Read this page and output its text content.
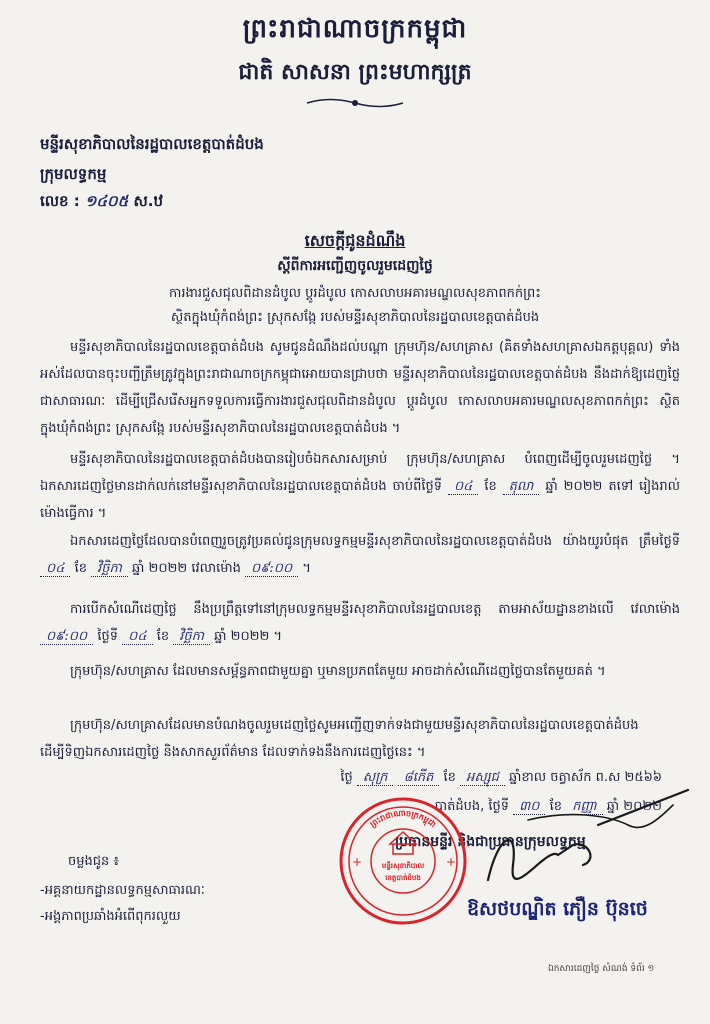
ព្រះរាជាណាចក្រកម្ពុជា
ជាតិ សាសនា ព្រះមហាក្សត្រ
មន្ទីរសុខាភិបាលនៃរដ្ឋបាលខេត្តបាត់ដំបង
ក្រុមលទ្ធកម្ម
លេខ : ១៤០៥ ស.ឋ
សេចក្តីជូនដំណឹង
ស្តីពីការអញ្ជើញចូលរួមដេញថ្លៃ
ការងារជួសជុលពិដានដំបូល ប្តូរដំបូល កោសលាបអគារមណ្ឌលសុខភាពកក់ព្រះ
ស្ថិតក្នុងឃុំកំពង់ព្រះ ស្រុកសង្កែ របស់មន្ទីរសុខាភិបាលនៃរដ្ឋបាលខេត្តបាត់ដំបង
មន្ទីរសុខាភិបាលនៃរដ្ឋបាលខេត្តបាត់ដំបង សូមជូនដំណឹងដល់បណ្តា ក្រុមហ៊ុន/សហគ្រាស (គិតទាំងសហគ្រាសឯកត្តបុគ្គល) ទាំងអស់ដែលបានចុះបញ្ជីត្រឹមត្រូវក្នុងព្រះរាជាណាចក្រកម្ពុជាអោយបានជ្រាបថា មន្ទីរសុខាភិបាលនៃរដ្ឋបាលខេត្តបាត់ដំបង នឹងដាក់ឱ្យដេញថ្លៃជាសាធារណៈ ដើម្បីជ្រើសរើសអ្នកទទួលការធ្វើការងារជួសជុលពិដានដំបូល ប្តូរដំបូល កោសលាបអគារមណ្ឌលសុខភាពកក់ព្រះ ស្ថិតក្នុងឃុំកំពង់ព្រះ ស្រុកសង្កែ របស់មន្ទីរសុខាភិបាលនៃរដ្ឋបាលខេត្តបាត់ដំបង ។
មន្ទីរសុខាភិបាលនៃរដ្ឋបាលខេត្តបាត់ដំបងបានរៀបចំឯកសារសម្រាប់ ក្រុមហ៊ុន/សហគ្រាស បំពេញដើម្បីចូលរួមដេញថ្លៃ ។ ឯកសារដេញថ្លៃមានដាក់លក់នៅមន្ទីរសុខាភិបាលនៃរដ្ឋបាលខេត្តបាត់ដំបង ចាប់ពីថ្ងៃទី ០៤ ខែ តុលា ឆ្នាំ ២០២២ តទៅ រៀងរាល់ម៉ោងធ្វើការ ។
ឯកសារដេញថ្លៃដែលបានបំពេញរួចត្រូវប្រគល់ជូនក្រុមលទ្ធកម្មមន្ទីរសុខាភិបាលនៃរដ្ឋបាលខេត្តបាត់ដំបង យ៉ាងយូរបំផុត ត្រឹមថ្ងៃទី ០៤ ខែ វិច្ឆិកា ឆ្នាំ ២០២២ វេលាម៉ោង ០៩:០០ ។
ការបើកសំណើដេញថ្លៃ នឹងប្រព្រឹត្តទៅនៅក្រុមលទ្ធកម្មមន្ទីរសុខាភិបាលនៃរដ្ឋបាលខេត្ត តាមអាស័យដ្ឋានខាងលើ វេលាម៉ោង ០៩:០០ ថ្ងៃទី ០៤ ខែ វិច្ឆិកា ឆ្នាំ ២០២២ ។
ក្រុមហ៊ុន/សហគ្រាស ដែលមានសម្ព័ន្ធភាពជាមួយគ្នា ឬមានប្រភពតែមួយ អាចដាក់សំណើដេញថ្លៃបានតែមួយគត់ ។
ក្រុមហ៊ុន/សហគ្រាសដែលមានបំណងចូលរួមដេញថ្លៃសូមអញ្ជើញទាក់ទងជាមួយមន្ទីរសុខាភិបាលនៃរដ្ឋបាលខេត្តបាត់ដំបង ដើម្បីទិញឯកសារដេញថ្លៃ និងសាកសួរព័ត៌មាន ដែលទាក់ទងនឹងការដេញថ្លៃនេះ ។
ថ្ងៃ សុក្រ ៨កើត ខែ អស្សុជ ឆ្នាំខាល ចត្វាស័ក ព.ស ២៥៦៦
បាត់ដំបង, ថ្ងៃទី ៣០ ខែ កញ្ញា ឆ្នាំ ២០២២
ប្រធានមន្ទីរ និងជាប្រធានក្រុមលទ្ធកម្ម
ព្រះរាជាណាចក្រកម្ពុជា
មន្ទីរសុខាភិបាល
ខេត្តបាត់ដំបង
+	+
ចម្លងជូន ៖
-អគ្គនាយកដ្ឋានលទ្ធកម្មសាធារណៈ
-អង្គភាពប្រឆាំងអំពើពុករលួយ	ឱសថបណ្ឌិត ភឿន ប៊ុនថេ
ឯកសារដេញថ្លៃ សំណង់ ទំព័រ ១
